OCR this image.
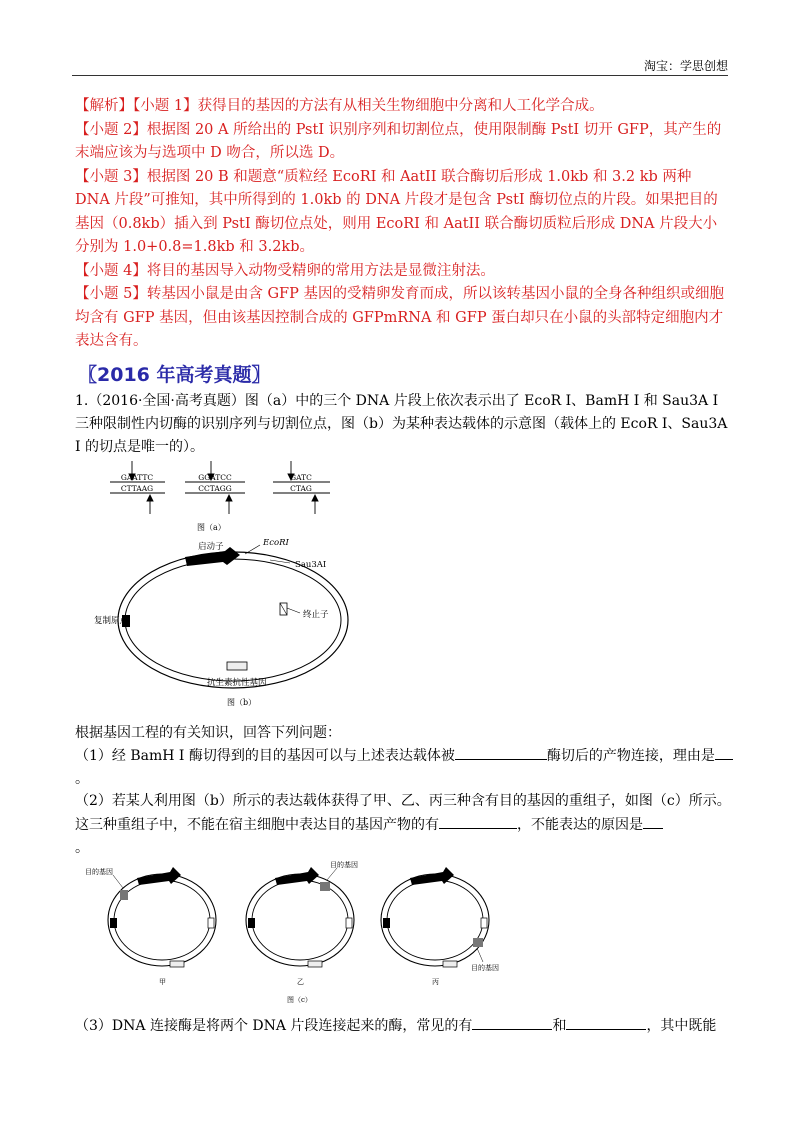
淘宝：学思创想
【解析】【小题 1】获得目的基因的方法有从相关生物细胞中分离和人工化学合成。
【小题 2】根据图 20 A 所给出的 PstI 识别序列和切割位点，使用限制酶 PstI 切开 GFP，其产生的末端应该为与选项中 D 吻合，所以选 D。
【小题 3】根据图 20 B 和题意“质粒经 EcoRI 和 AatII 联合酶切后形成 1.0kb 和 3.2 kb 两种 DNA 片段”可推知，其中所得到的 1.0kb 的 DNA 片段才是包含 PstI 酶切位点的片段。如果把目的基因（0.8kb）插入到 PstI 酶切位点处，则用 EcoRI 和 AatII 联合酶切质粒后形成 DNA 片段大小分别为 1.0+0.8=1.8kb 和 3.2kb。
【小题 4】将目的基因导入动物受精卵的常用方法是显微注射法。
【小题 5】转基因小鼠是由含 GFP 基因的受精卵发育而成，所以该转基因小鼠的全身各种组织或细胞均含有 GFP 基因，但由该基因控制合成的 GFPmRNA 和 GFP 蛋白却只在小鼠的头部特定细胞内才表达含有。
〖2016 年高考真题〗
1.（2016·全国·高考真题）图（a）中的三个 DNA 片段上依次表示出了 EcoR I、BamH I 和 Sau3A I 三种限制性内切酶的识别序列与切割位点，图（b）为某种表达载体的示意图（载体上的 EcoR I、Sau3A I 的切点是唯一的）。
GAATTC
CTTAAG
GGATCC
CCTAGG
GATC
CTAG
图（a）
启动子	EcoRI
Sau3AI
终止子
复制原点
抗生素抗性基因
图（b）
根据基因工程的有关知识，回答下列问题：
（1）经 BamH I 酶切得到的目的基因可以与上述表达载体被	酶切后的产物连接，理由是
。
（2）若某人利用图（b）所示的表达载体获得了甲、乙、丙三种含有目的基因的重组子，如图（c）所示。这三种重组子中，不能在宿主细胞中表达目的基因产物的有	，不能表达的原因是
。
目的基因
甲
目的基因
乙
目的基因
丙
图（c）
（3）DNA 连接酶是将两个 DNA 片段连接起来的酶，常见的有	和	，其中既能
